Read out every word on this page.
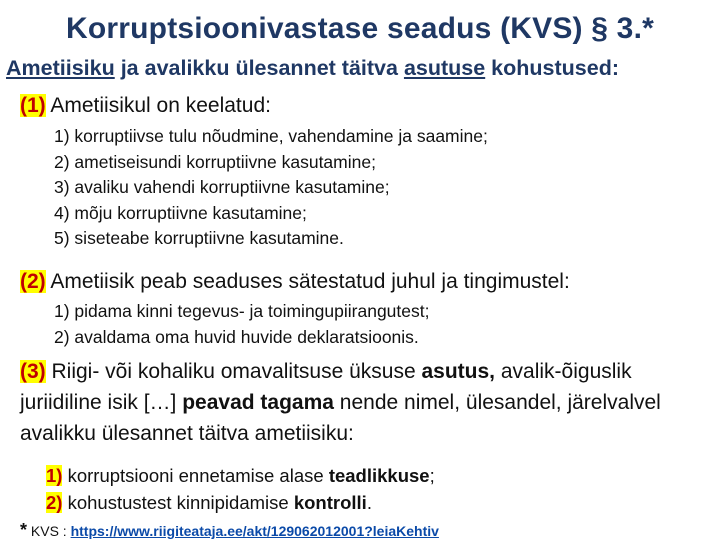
Korruptsioonivastase seadus (KVS) § 3.*
Ametiisiku ja avalikku ülesannet täitva asutuse kohustused:
(1) Ametiisikul on keelatud:
1) korruptiivse tulu nõudmine, vahendamine ja saamine;
2) ametiseisundi korruptiivne kasutamine;
3) avaliku vahendi korruptiivne kasutamine;
4) mõju korruptiivne kasutamine;
5) siseteabe korruptiivne kasutamine.
(2) Ametiisik peab seaduses sätestatud juhul ja tingimustel:
1) pidama kinni tegevus- ja toimingupiirangutest;
2) avaldama oma huvid huvide deklaratsioonis.
(3) Riigi- või kohaliku omavalitsuse üksuse asutus, avalik-õiguslik juriidiline isik […] peavad tagama nende nimel, ülesandel, järelvalvel avalikku ülesannet täitva ametiisiku:
1) korruptsiooni ennetamise alase teadlikkuse;
2) kohustustest kinnipidamise kontrolli.
* KVS : https://www.riigiteataja.ee/akt/129062012001?leiaKehtiv
